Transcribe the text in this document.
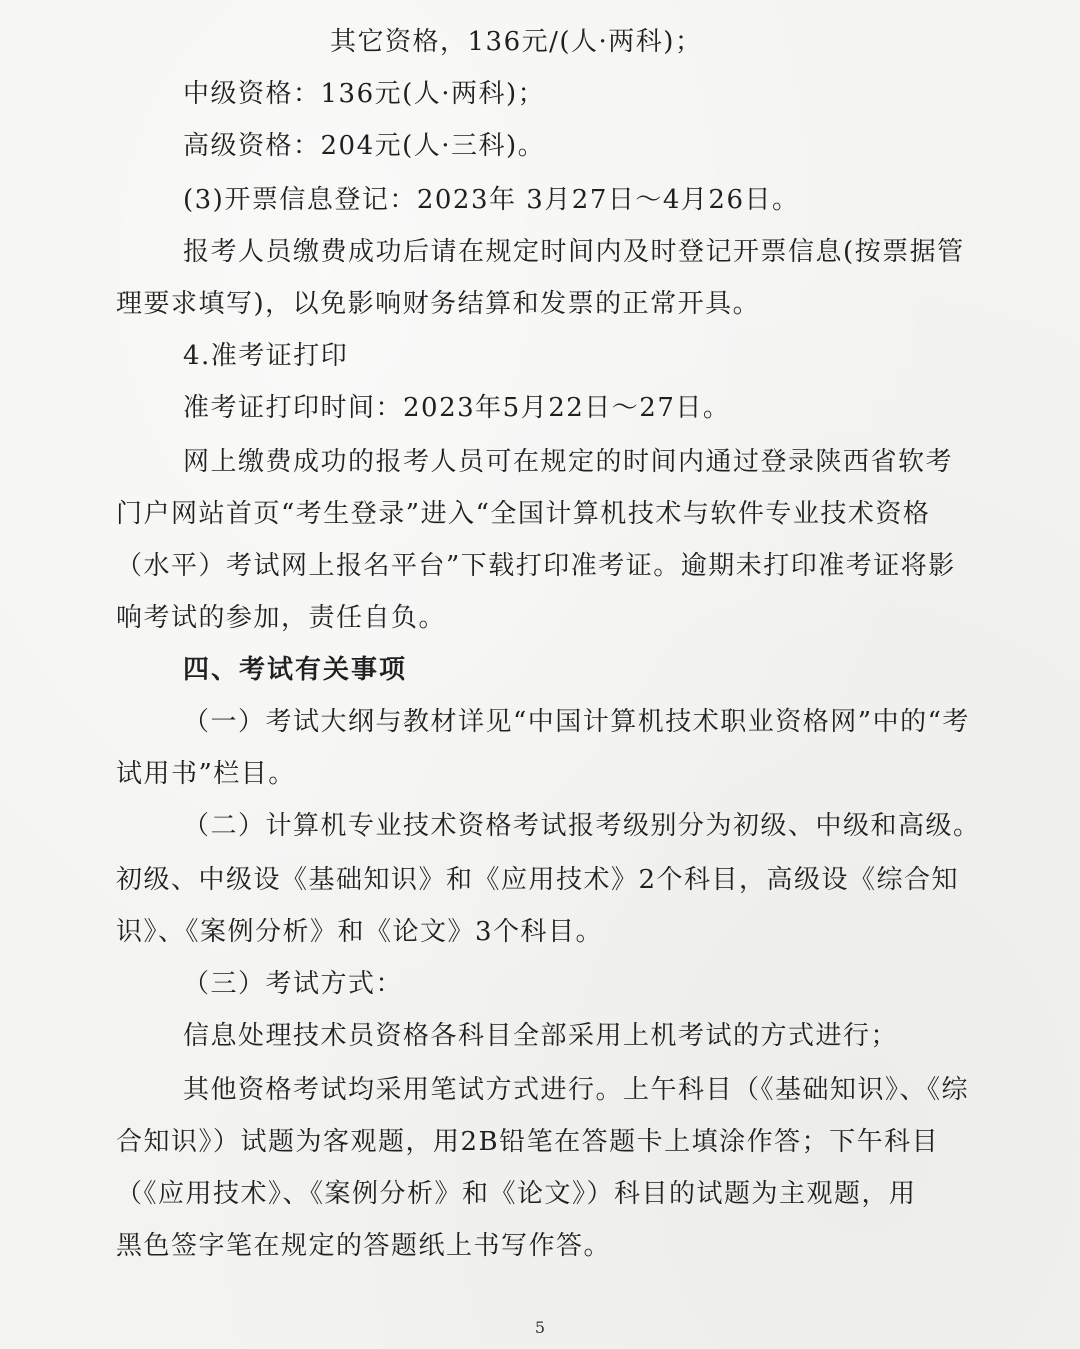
其它资格，136元/(人·两科)；
中级资格：136元(人·两科)；
高级资格：204元(人·三科)。
(3)开票信息登记：2023年 3月27日～4月26日。
报考人员缴费成功后请在规定时间内及时登记开票信息(按票据管
理要求填写)，以免影响财务结算和发票的正常开具。
4.准考证打印
准考证打印时间：2023年5月22日～27日。
网上缴费成功的报考人员可在规定的时间内通过登录陕西省软考
门户网站首页“考生登录”进入“全国计算机技术与软件专业技术资格
（水平）考试网上报名平台”下载打印准考证。逾期未打印准考证将影
响考试的参加，责任自负。
四、考试有关事项
（一）考试大纲与教材详见“中国计算机技术职业资格网”中的“考
试用书”栏目。
（二）计算机专业技术资格考试报考级别分为初级、中级和高级。
初级、中级设《基础知识》和《应用技术》2个科目，高级设《综合知
识》、《案例分析》和《论文》3个科目。
（三）考试方式：
信息处理技术员资格各科目全部采用上机考试的方式进行；
其他资格考试均采用笔试方式进行。上午科目（《基础知识》、《综
合知识》）试题为客观题，用2B铅笔在答题卡上填涂作答；下午科目
（《应用技术》、《案例分析》和《论文》）科目的试题为主观题，用
黑色签字笔在规定的答题纸上书写作答。
5
